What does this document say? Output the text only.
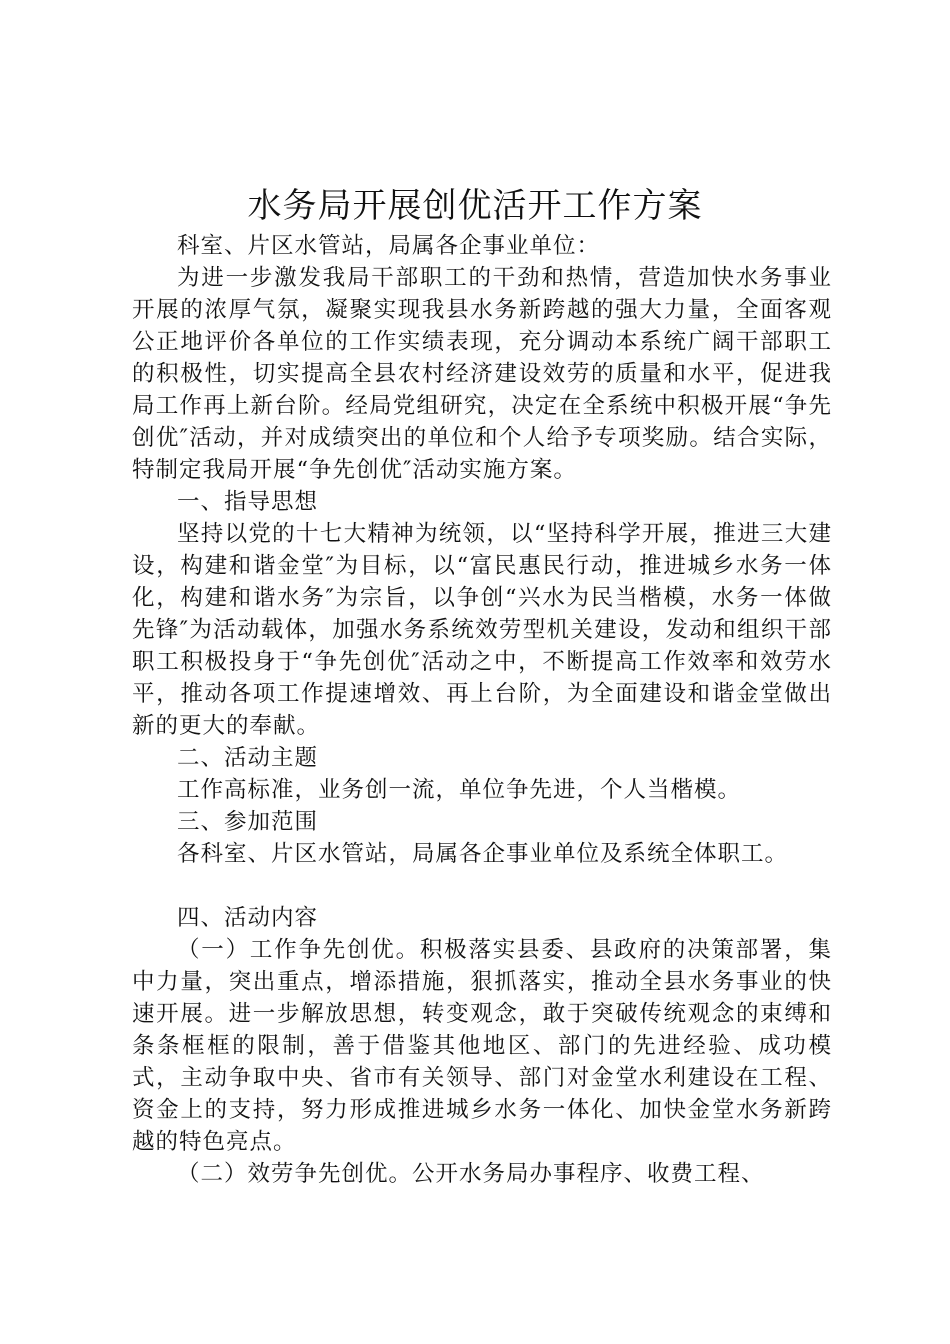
水务局开展创优活开工作方案

科室、片区水管站，局属各企事业单位：

为进一步激发我局干部职工的干劲和热情，营造加快水务事业开展的浓厚气氛，凝聚实现我县水务新跨越的强大力量，全面客观公正地评价各单位的工作实绩表现，充分调动本系统广阔干部职工的积极性，切实提高全县农村经济建设效劳的质量和水平，促进我局工作再上新台阶。经局党组研究，决定在全系统中积极开展“争先创优″活动，并对成绩突出的单位和个人给予专项奖励。结合实际，特制定我局开展“争先创优″活动实施方案。

一、指导思想

坚持以党的十七大精神为统领，以“坚持科学开展，推进三大建设，构建和谐金堂″为目标，以“富民惠民行动，推进城乡水务一体化，构建和谐水务″为宗旨，以争创“兴水为民当楷模，水务一体做先锋″为活动载体，加强水务系统效劳型机关建设，发动和组织干部职工积极投身于“争先创优″活动之中，不断提高工作效率和效劳水平，推动各项工作提速增效、再上台阶，为全面建设和谐金堂做出新的更大的奉献。

二、活动主题

工作高标准，业务创一流，单位争先进，个人当楷模。

三、参加范围

各科室、片区水管站，局属各企事业单位及系统全体职工。

四、活动内容

（一）工作争先创优。积极落实县委、县政府的决策部署，集中力量，突出重点，增添措施，狠抓落实，推动全县水务事业的快速开展。进一步解放思想，转变观念，敢于突破传统观念的束缚和条条框框的限制，善于借鉴其他地区、部门的先进经验、成功模式，主动争取中央、省市有关领导、部门对金堂水利建设在工程、资金上的支持，努力形成推进城乡水务一体化、加快金堂水务新跨越的特色亮点。

（二）效劳争先创优。公开水务局办事程序、收费工程、
